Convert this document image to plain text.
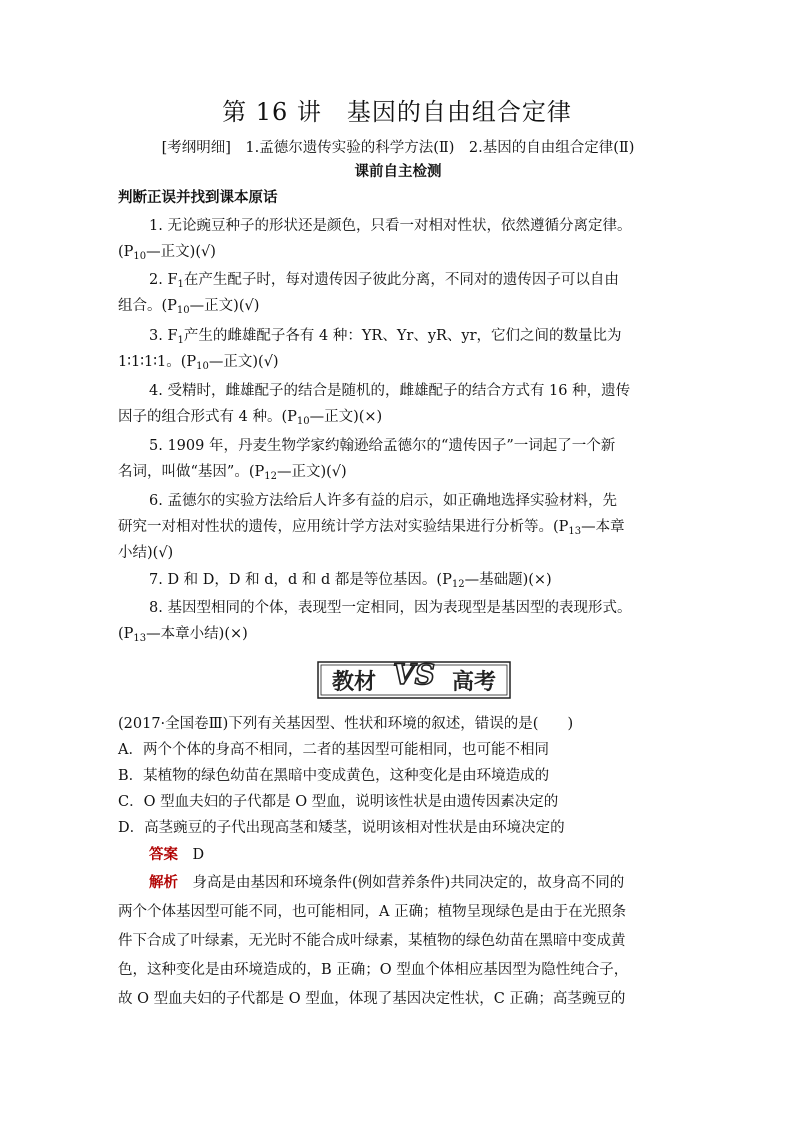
第 16 讲　基因的自由组合定律
[考纲明细]　1.孟德尔遗传实验的科学方法(Ⅱ)　2.基因的自由组合定律(Ⅱ)
课前自主检测
判断正误并找到课本原话
1. 无论豌豆种子的形状还是颜色，只看一对相对性状，依然遵循分离定律。
($P_{10}—$正文)(√)
2. $F_1$在产生配子时，每对遗传因子彼此分离，不同对的遗传因子可以自由
组合。($P_{10}—$正文)(√)
3. $F_1$产生的雌雄配子各有 4 种：YR、Yr、yR、yr，它们之间的数量比为
1∶1∶1∶1。($P_{10}—$正文)(√)
4. 受精时，雌雄配子的结合是随机的，雌雄配子的结合方式有 16 种，遗传
因子的组合形式有 4 种。($P_{10}—$正文)(×)
5. 1909 年，丹麦生物学家约翰逊给孟德尔的“遗传因子”一词起了一个新
名词，叫做“基因”。($P_{12}—$正文)(√)
6. 孟德尔的实验方法给后人许多有益的启示，如正确地选择实验材料，先
研究一对相对性状的遗传，应用统计学方法对实验结果进行分析等。($P_{13}—$本章
小结)(√)
7. D 和 D，D 和 d，d 和 d 都是等位基因。($P_{12}—$基础题)(×)
8. 基因型相同的个体，表现型一定相同，因为表现型是基因型的表现形式。
($P_{13}—$本章小结)(×)
教材 VS 高考
(2017·全国卷Ⅲ)下列有关基因型、性状和环境的叙述，错误的是(　　)
A．两个个体的身高不相同，二者的基因型可能相同，也可能不相同
B．某植物的绿色幼苗在黑暗中变成黄色，这种变化是由环境造成的
C．O 型血夫妇的子代都是 O 型血，说明该性状是由遗传因素决定的
D．高茎豌豆的子代出现高茎和矮茎，说明该相对性状是由环境决定的
答案　D
解析　身高是由基因和环境条件(例如营养条件)共同决定的，故身高不同的
两个个体基因型可能不同，也可能相同，A 正确；植物呈现绿色是由于在光照条
件下合成了叶绿素，无光时不能合成叶绿素，某植物的绿色幼苗在黑暗中变成黄
色，这种变化是由环境造成的，B 正确；O 型血个体相应基因型为隐性纯合子，
故 O 型血夫妇的子代都是 O 型血，体现了基因决定性状，C 正确；高茎豌豆的
